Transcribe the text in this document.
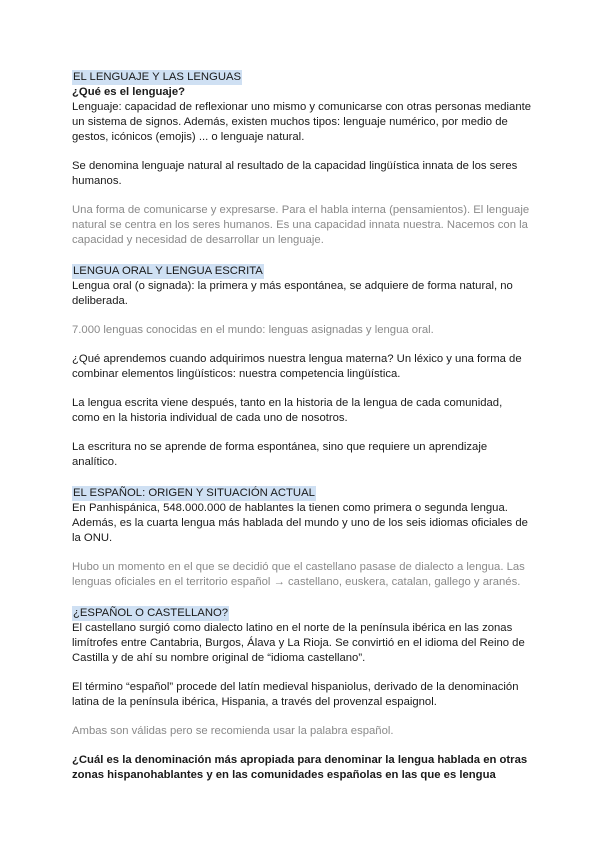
EL LENGUAJE Y LAS LENGUAS

¿Qué es el lenguaje?

Lenguaje: capacidad de reflexionar uno mismo y comunicarse con otras personas mediante un sistema de signos. Además, existen muchos tipos: lenguaje numérico, por medio de gestos, icónicos (emojis) ... o lenguaje natural.

Se denomina lenguaje natural al resultado de la capacidad lingüística innata de los seres humanos.

Una forma de comunicarse y expresarse. Para el habla interna (pensamientos). El lenguaje natural se centra en los seres humanos. Es una capacidad innata nuestra. Nacemos con la capacidad y necesidad de desarrollar un lenguaje.

LENGUA ORAL Y LENGUA ESCRITA

Lengua oral (o signada): la primera y más espontánea, se adquiere de forma natural, no deliberada.

7.000 lenguas conocidas en el mundo: lenguas asignadas y lengua oral.

¿Qué aprendemos cuando adquirimos nuestra lengua materna? Un léxico y una forma de combinar elementos lingüísticos: nuestra competencia lingüística.

La lengua escrita viene después, tanto en la historia de la lengua de cada comunidad, como en la historia individual de cada uno de nosotros.

La escritura no se aprende de forma espontánea, sino que requiere un aprendizaje analítico.

EL ESPAÑOL: ORIGEN Y SITUACIÓN ACTUAL

En Panhispánica, 548.000.000 de hablantes la tienen como primera o segunda lengua. Además, es la cuarta lengua más hablada del mundo y uno de los seis idiomas oficiales de la ONU.

Hubo un momento en el que se decidió que el castellano pasase de dialecto a lengua. Las lenguas oficiales en el territorio español → castellano, euskera, catalan, gallego y aranés.

¿ESPAÑOL O CASTELLANO?

El castellano surgió como dialecto latino en el norte de la península ibérica en las zonas limítrofes entre Cantabria, Burgos, Álava y La Rioja. Se convirtió en el idioma del Reino de Castilla y de ahí su nombre original de “idioma castellano”.

El término “español” procede del latín medieval hispaniolus, derivado de la denominación latina de la península ibérica, Hispania, a través del provenzal espaignol.

Ambas son válidas pero se recomienda usar la palabra español.

¿Cuál es la denominación más apropiada para denominar la lengua hablada en otras zonas hispanohablantes y en las comunidades españolas en las que es lengua
